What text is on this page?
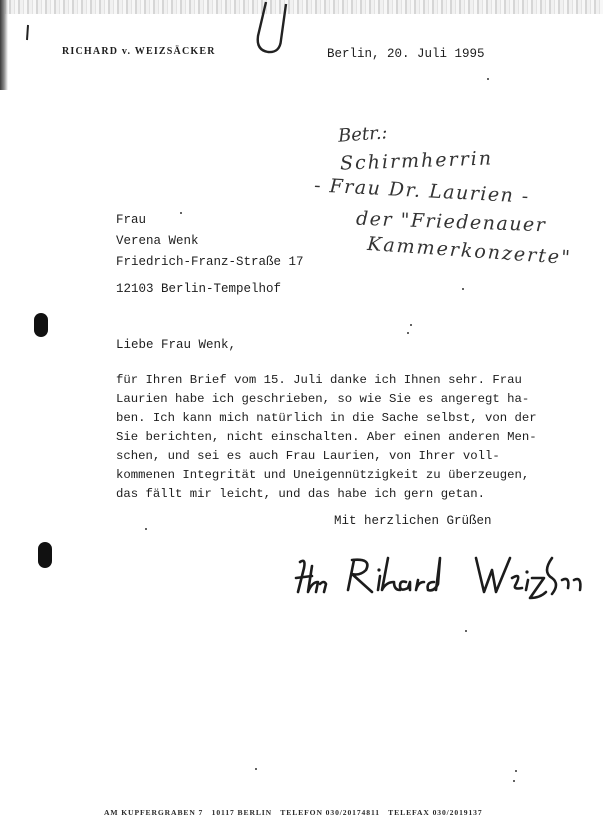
RICHARD v. WEIZSÄCKER	Berlin, 20. Juli 1995
Betr.:
Schirmherrin
- Frau Dr. Laurien -
der "Friedenauer
Kammerkonzerte"
Frau
Verena Wenk
Friedrich-Franz-Straße 17
12103 Berlin-Tempelhof
Liebe Frau Wenk,
für Ihren Brief vom 15. Juli danke ich Ihnen sehr. Frau
Laurien habe ich geschrieben, so wie Sie es angeregt ha-
ben. Ich kann mich natürlich in die Sache selbst, von der
Sie berichten, nicht einschalten. Aber einen anderen Men-
schen, und sei es auch Frau Laurien, von Ihrer voll-
kommenen Integrität und Uneigennützigkeit zu überzeugen,
das fällt mir leicht, und das habe ich gern getan.
Mit herzlichen Grüßen
AM KUPFERGRABEN 7   10117 BERLIN   TELEFON 030/20174811   TELEFAX 030/2019137
